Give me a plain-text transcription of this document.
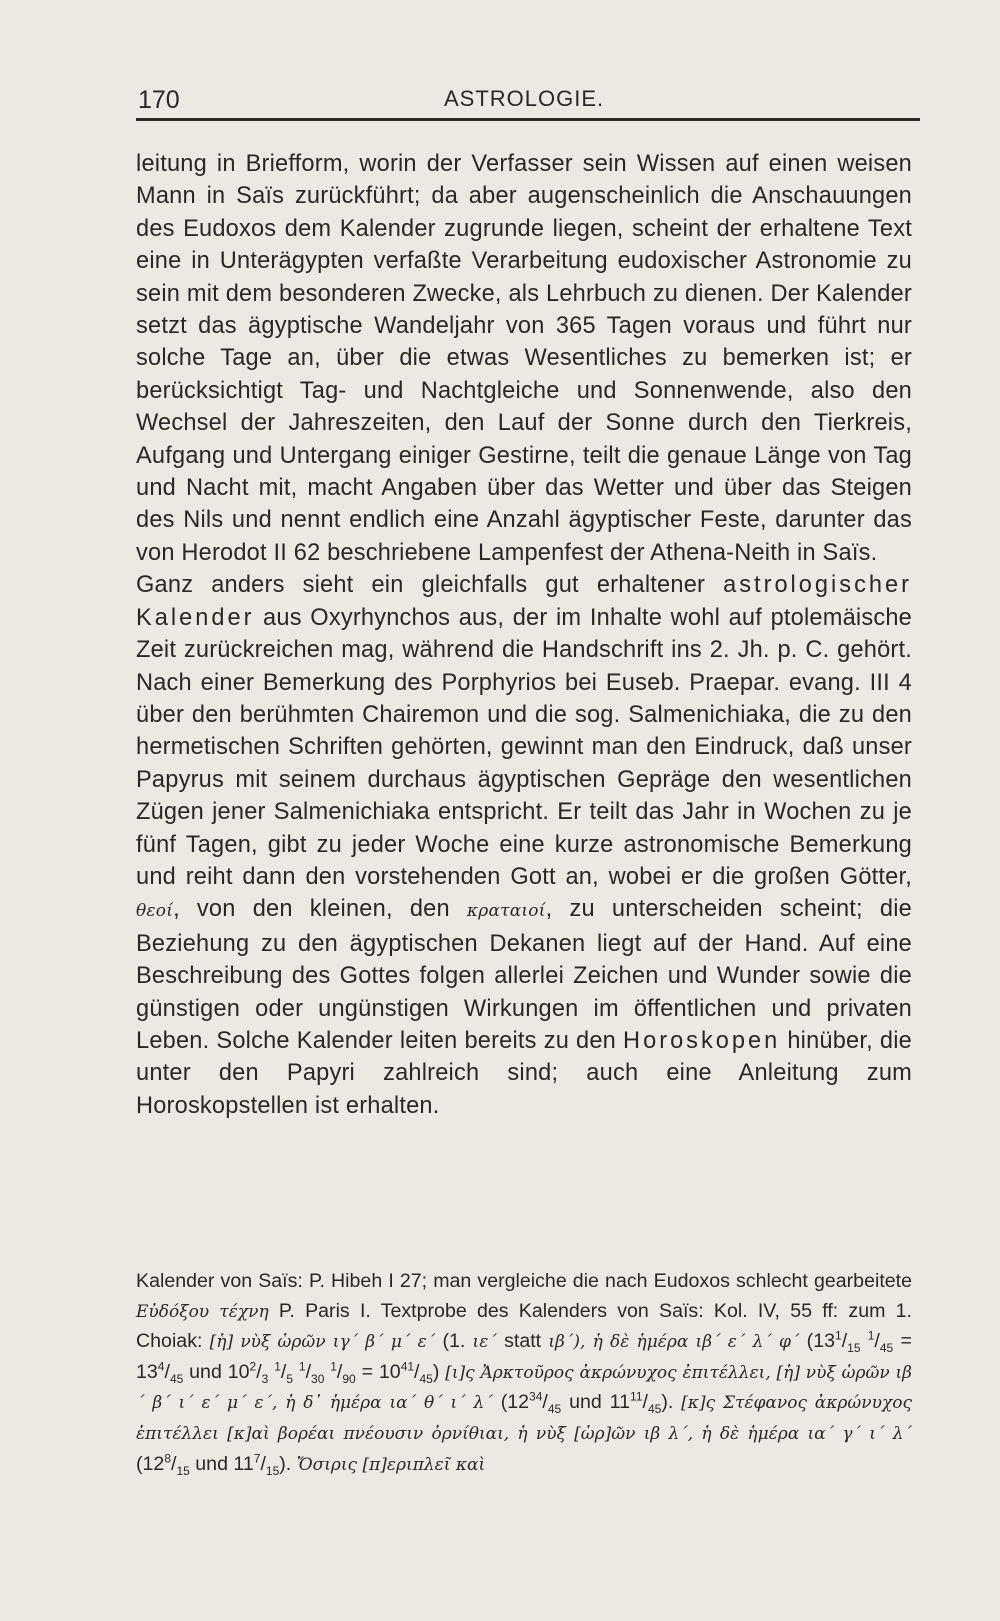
170	ASTROLOGIE.

leitung in Briefform, worin der Verfasser sein Wissen auf einen weisen Mann in Saïs zurückführt; da aber augenscheinlich die Anschauungen des Eudoxos dem Kalender zugrunde liegen, scheint der erhaltene Text eine in Unterägypten verfaßte Verarbeitung eudoxischer Astronomie zu sein mit dem besonderen Zwecke, als Lehrbuch zu dienen. Der Kalender setzt das ägyptische Wandeljahr von 365 Tagen voraus und führt nur solche Tage an, über die etwas Wesentliches zu bemerken ist; er berücksichtigt Tag- und Nachtgleiche und Sonnenwende, also den Wechsel der Jahreszeiten, den Lauf der Sonne durch den Tierkreis, Aufgang und Untergang einiger Gestirne, teilt die genaue Länge von Tag und Nacht mit, macht Angaben über das Wetter und über das Steigen des Nils und nennt endlich eine Anzahl ägyptischer Feste, darunter das von Herodot II 62 beschriebene Lampenfest der Athena-Neith in Saïs.

Ganz anders sieht ein gleichfalls gut erhaltener astrologischer Kalender aus Oxyrhynchos aus, der im Inhalte wohl auf ptolemäische Zeit zurückreichen mag, während die Handschrift ins 2. Jh. p. C. gehört. Nach einer Bemerkung des Porphyrios bei Euseb. Praepar. evang. III 4 über den berühmten Chairemon und die sog. Salmenichiaka, die zu den hermetischen Schriften gehörten, gewinnt man den Eindruck, daß unser Papyrus mit seinem durchaus ägyptischen Gepräge den wesentlichen Zügen jener Salmenichiaka entspricht. Er teilt das Jahr in Wochen zu je fünf Tagen, gibt zu jeder Woche eine kurze astronomische Bemerkung und reiht dann den vorstehenden Gott an, wobei er die großen Götter, θεοί, von den kleinen, den κραταιοί, zu unterscheiden scheint; die Beziehung zu den ägyptischen Dekanen liegt auf der Hand. Auf eine Beschreibung des Gottes folgen allerlei Zeichen und Wunder sowie die günstigen oder ungünstigen Wirkungen im öffentlichen und privaten Leben. Solche Kalender leiten bereits zu den Horoskopen hinüber, die unter den Papyri zahlreich sind; auch eine Anleitung zum Horoskopstellen ist erhalten.

Kalender von Saïs: P. Hibeh I 27; man vergleiche die nach Eudoxos schlecht gearbeitete Εὐδόξου τέχνη P. Paris I. Textprobe des Kalenders von Saïs: Kol. IV, 55 ff: zum 1. Choiak: [ἡ] νὺξ ὡρῶν ιγ´ β´ μ´ ε´ (1. ιε´ statt ιβ´), ἡ δὲ ἡμέρα ιβ´ ε´ λ´ φ´ ($13^1/_{15}$ $^1/_{45} = 13^4/_{45}$ und $10^2/_3$ $^1/_5$ $^1/_{30}$ $^1/_{90} = 10^{41}/_{45}$) [ι]ς Ἀρκτοῦρος ἀκρώνυχος ἐπιτέλλει, [ἡ] νὺξ ὡρῶν ιβ´ β´ ι´ ε´ μ´ ε´, ἡ δ᾽ ἡμέρα ια´ θ´ ι´ λ´ ($12^{34}/_{45}$ und $11^{11}/_{45}$). [κ]ς Στέφανος ἀκρώνυχος ἐπιτέλλει [κ]αὶ βορέαι πνέουσιν ὀρνίθιαι, ἡ νὺξ [ὡρ]ῶν ιβ λ´, ἡ δὲ ἡμέρα ια´ γ´ ι´ λ´ ($12^8/_{15}$ und $11^7/_{15}$). Ὄσιρις [π]εριπλεῖ καὶ
